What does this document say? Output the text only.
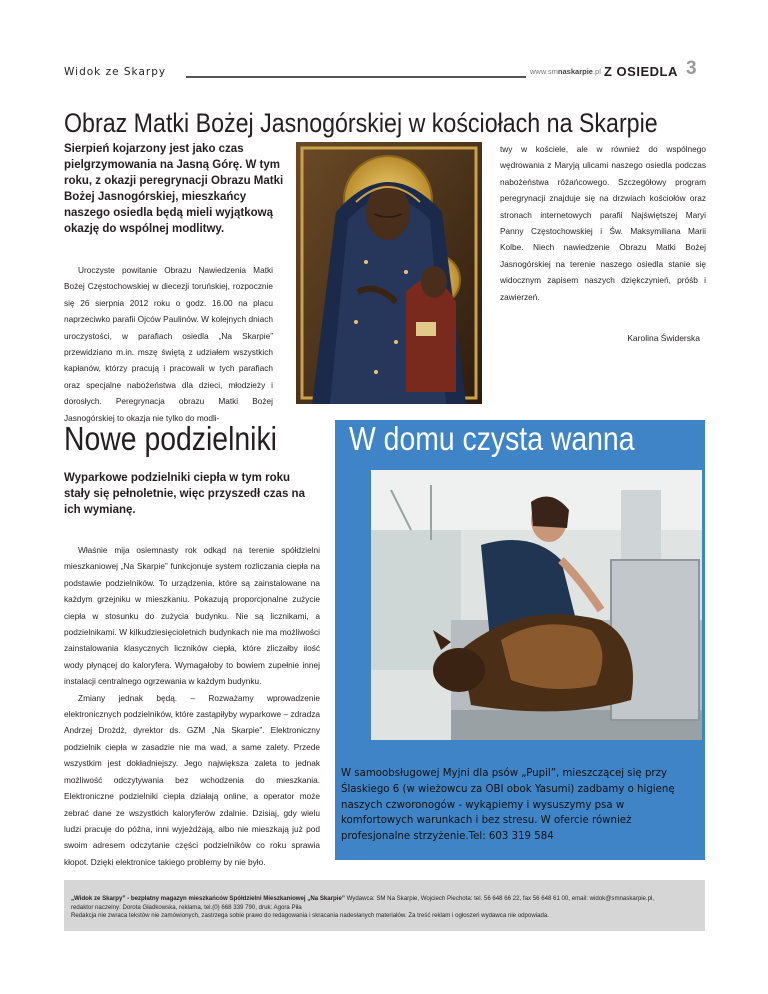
Widok ze Skarpy	www.smnaskarpie.pl Z OSIEDLA 3
Obraz Matki Bożej Jasnogórskiej w kościołach na Skarpie
Sierpień kojarzony jest jako czas pielgrzymowania na Jasną Górę. W tym roku, z okazji peregrynacji Obrazu Matki Bożej Jasnogórskiej, mieszkańcy naszego osiedla będą mieli wyjątkową okazję do wspólnej modlitwy.
Uroczyste powitanie Obrazu Nawiedzenia Matki Bożej Częstochowskiej w diecezji toruńskiej, rozpocznie się 26 sierpnia 2012 roku o godz. 16.00 na placu naprzeciwko parafii Ojców Paulinów. W kolejnych dniach uroczystości, w parafiach osiedla „Na Skarpie” przewidziano m.in. mszę świętą z udziałem wszystkich kapłanów, którzy pracują i pracowali w tych parafiach oraz specjalne nabożeństwa dla dzieci, młodzieży i dorosłych. Peregrynacja obrazu Matki Bożej Jasnogórskiej to okazja nie tylko do modli-
twy w kościele, ale w również do wspólnego wędrowania z Maryją ulicami naszego osiedla podczas nabożeństwa różańcowego. Szczegółowy program peregrynacji znajduje się na drzwiach kościołów oraz stronach internetowych parafii Najświętszej Maryi Panny Częstochowskiej i Św. Maksymiliana Marii Kolbe. Niech nawiedzenie Obrazu Matki Bożej Jasnogórskiej na terenie naszego osiedla stanie się widocznym zapisem naszych dziękczynień, próśb i zawierzeń.
Karolina Świderska
Nowe podzielniki
Wyparkowe podzielniki ciepła w tym roku stały się pełnoletnie, więc przyszedł czas na ich wymianę.

Właśnie mija osiemnasty rok odkąd na terenie spółdzielni mieszkaniowej „Na Skarpie” funkcjonuje system rozliczania ciepła na podstawie podzielników. To urządzenia, które są zainstalowane na każdym grzejniku w mieszkaniu. Pokazują proporcjonalne zużycie ciepła w stosunku do zużycia budynku. Nie są licznikami, a podzielnikami. W kilkudziesięcioletnich budynkach nie ma możliwości zainstalowania klasycznych liczników ciepła, które zliczałby ilość wody płynącej do kaloryfera. Wymagałoby to bowiem zupełnie innej instalacji centralnego ogrzewania w każdym budynku.

Zmiany jednak będą. – Rozważamy wprowadzenie elektronicznych podzielników, które zastąpiłyby wyparkowe – zdradza Andrzej Drożdż, dyrektor ds. GZM „Na Skarpie”. Elektroniczny podzielnik ciepła w zasadzie nie ma wad, a same zalety. Przede wszystkim jest dokładniejszy. Jego największa zaleta to jednak możliwość odczytywania bez wchodzenia do mieszkania. Elektroniczne podzielniki ciepła działają online, a operator może zebrać dane ze wszystkich kaloryferów zdalnie. Dzisiaj, gdy wielu ludzi pracuje do późna, inni wyjeżdżają, albo nie mieszkają już pod swoim adresem odczytanie części podzielników co roku sprawia kłopot. Dzięki elektronice takiego problemy by nie było.

W domu czysta wanna
W samoobsługowej Myjni dla psów „Pupil”, mieszczącej się przy Ślaskiego 6 (w wieżowcu za OBI obok Yasumi) zadbamy o higienę naszych czworonogów - wykąpiemy i wysuszymy psa w komfortowych warunkach i bez stresu. W ofercie również profesjonalne strzyżenie.Tel: 603 319 584
„Widok ze Skarpy” - bezpłatny magazyn mieszkańców Spółdzielni Mieszkaniowej „Na Skarpie” Wydawca: SM Na Skarpie, Wojciech Piechota: tel. 56 648 66 22, fax 56 648 61 00, email: widok@smnaskarpie.pl,
redaktor naczelny: Dorota Gładkowska, reklama, tel.(0) 668 339 790, druk: Agora Piła
Redakcja nie zwraca tekstów nie zamówionych, zastrzega sobie prawo do redagowania i skracania nadesłanych materiałów. Za treść reklam i ogłoszeń wydawca nie odpowiada.
